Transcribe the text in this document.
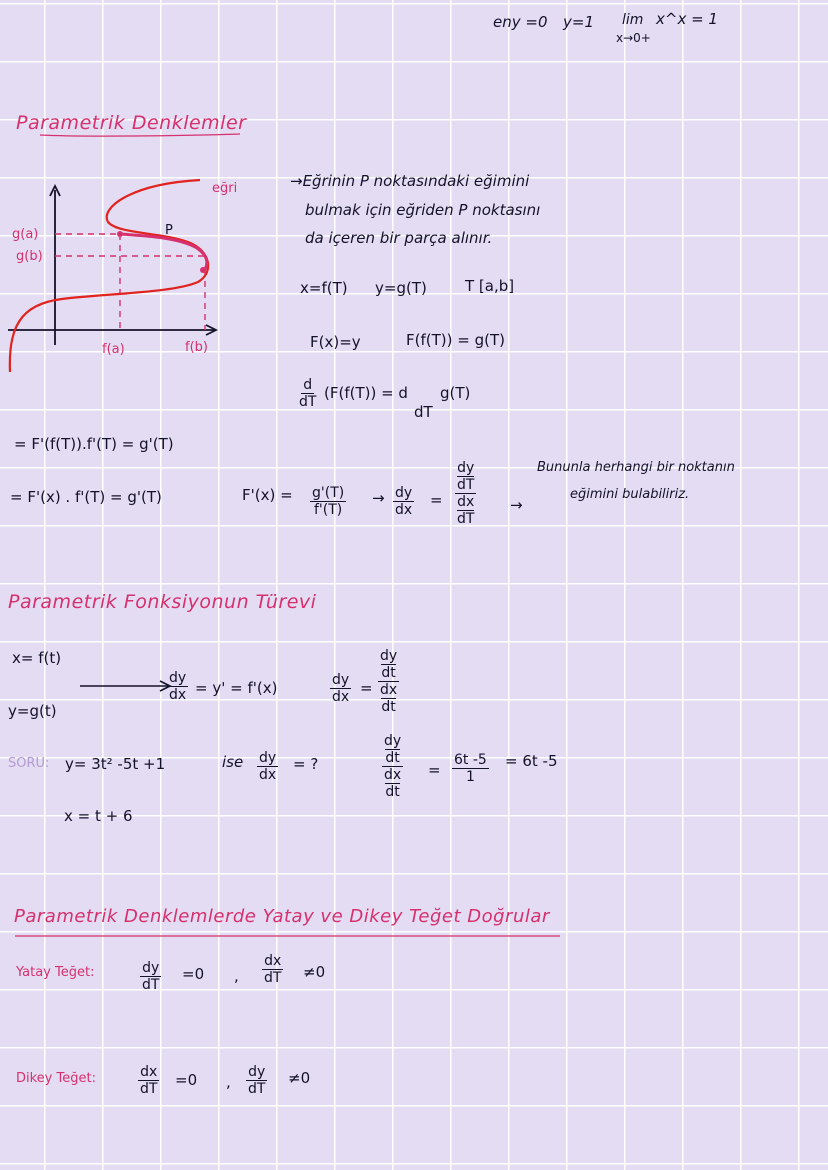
eny =0 y=1 lim x^x = 1
x→0+
Parametrik Denklemler
eğri
P
g(a)
g(b)
f(a)	f(b)
→Eğrinin P noktasındaki eğimini
bulmak için eğriden P noktasını
da içeren bir parça alınır.
x=f(T) y=g(T)	T [a,b]
F(x)=y	F(f(T)) = g(T)
$\frac{d}{dT} (F(f(T)) = d$ g(T)
dT
= F'(f(T)).f'(T) = g'(T)
= F'(x) . f'(T) = g'(T)	$F'(x) = \frac{g'(T)}{f'(T)} \to \frac{dy}{dx}$ = dy
dT
dx
dT →
Bununla herhangi bir noktanın
eğimini bulabiliriz.
Parametrik Fonksiyonun Türevi
x= f(t)
y=g(t)
$\frac{dy}{dx} = y' = f'(x)$	$\frac{dy}{dx}$ = dy
dt
dx
dt
SORU: y= 3t² -5t +1
x = t + 6
ise $\frac{dy}{dx}$ = ?	dy
dt
dx
dt = $\frac{6t -5}{1} = 6t$ -5
Parametrik Denklemlerde Yatay ve Dikey Teğet Doğrular
Yatay Teğet:	$\frac{dy}{dT} =0$ , $\frac{dx}{dT} \ne 0$
Dikey Teğet:	$\frac{dx}{dT} =0$ , $\frac{dy}{dT} \ne 0$
